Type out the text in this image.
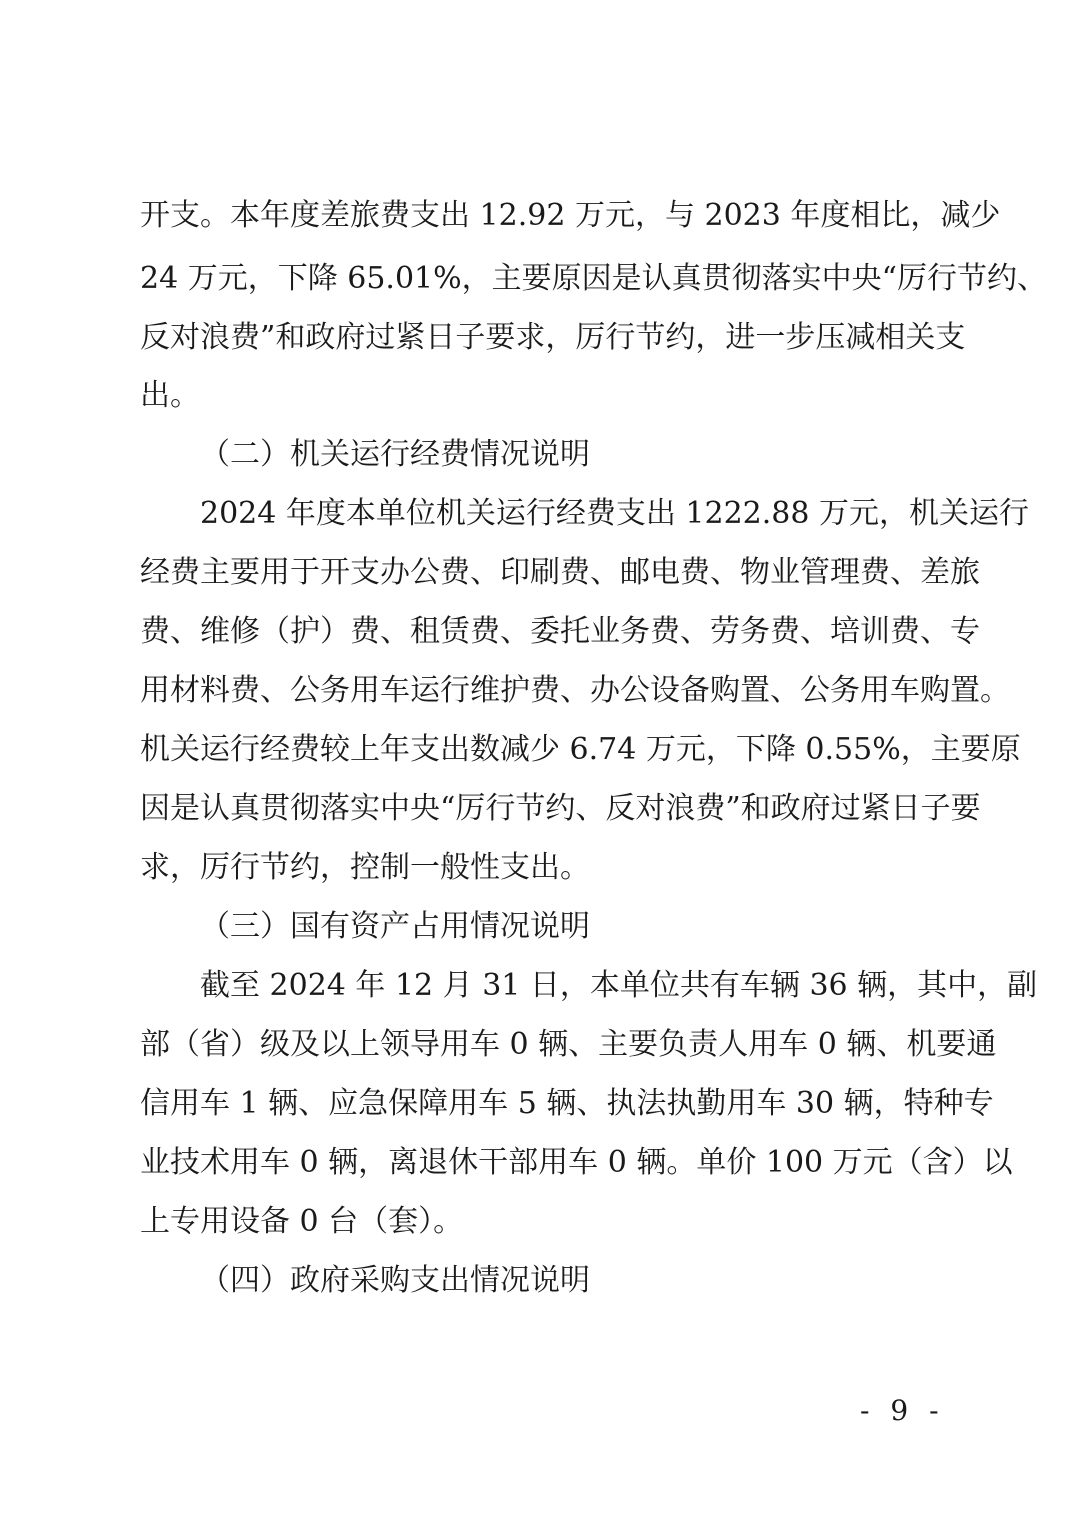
开支。本年度差旅费支出 12.92 万元，与 2023 年度相比，减少
24 万元，下降 65.01%，主要原因是认真贯彻落实中央“厉行节约、
反对浪费”和政府过紧日子要求，厉行节约，进一步压减相关支
出。
（二）机关运行经费情况说明
2024 年度本单位机关运行经费支出 1222.88 万元，机关运行
经费主要用于开支办公费、印刷费、邮电费、物业管理费、差旅
费、维修（护）费、租赁费、委托业务费、劳务费、培训费、专
用材料费、公务用车运行维护费、办公设备购置、公务用车购置。
机关运行经费较上年支出数减少 6.74 万元，下降 0.55%，主要原
因是认真贯彻落实中央“厉行节约、反对浪费”和政府过紧日子要
求，厉行节约，控制一般性支出。
（三）国有资产占用情况说明
截至 2024 年 12 月 31 日，本单位共有车辆 36 辆，其中，副
部（省）级及以上领导用车 0 辆、主要负责人用车 0 辆、机要通
信用车 1 辆、应急保障用车 5 辆、执法执勤用车 30 辆，特种专
业技术用车 0 辆，离退休干部用车 0 辆。单价 100 万元（含）以
上专用设备 0 台（套）。
（四）政府采购支出情况说明
- 9 -
